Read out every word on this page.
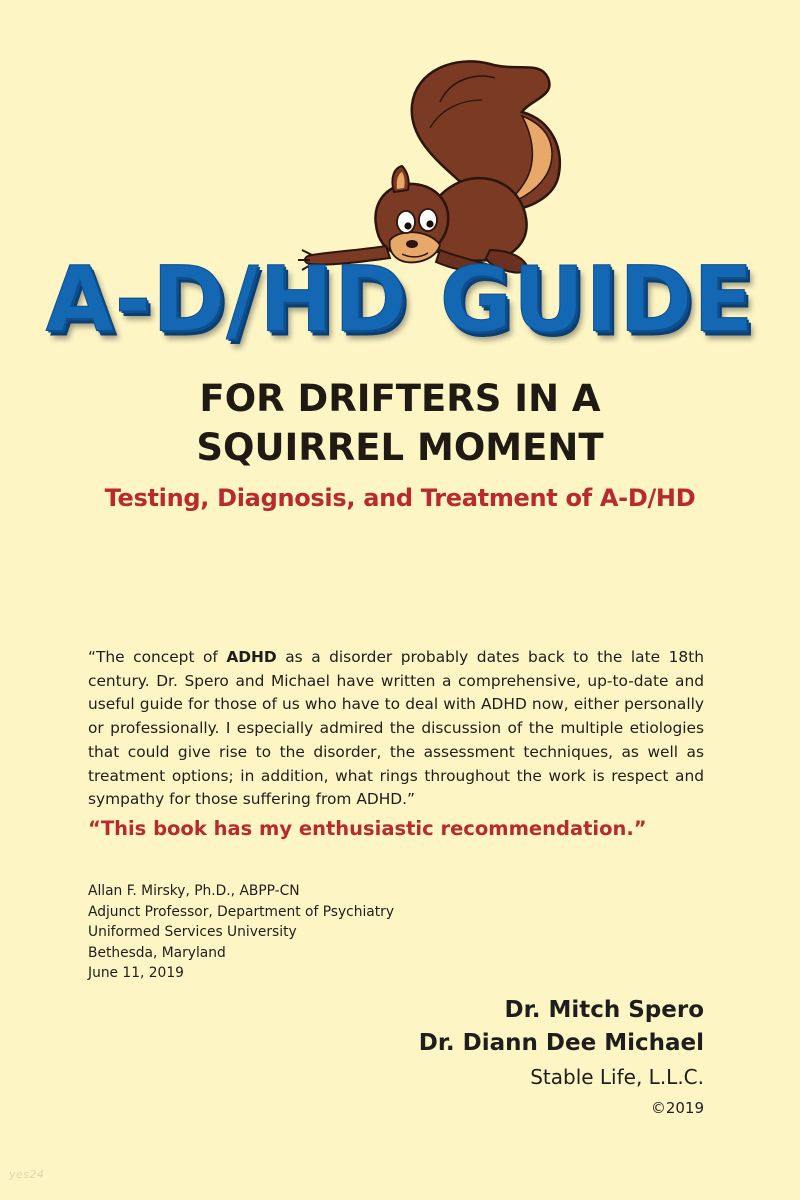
A-D/HD GUIDE
FOR DRIFTERS IN A
SQUIRREL MOMENT
Testing, Diagnosis, and Treatment of A-D/HD
“The concept of ADHD as a disorder probably dates back to the late 18th century. Dr. Spero and Michael have written a comprehensive, up-to-date and useful guide for those of us who have to deal with ADHD now, either personally or professionally. I especially admired the discussion of the multiple etiologies that could give rise to the disorder, the assessment techniques, as well as treatment options; in addition, what rings throughout the work is respect and sympathy for those suffering from ADHD.”
“This book has my enthusiastic recommendation.”
Allan F. Mirsky, Ph.D., ABPP-CN
Adjunct Professor, Department of Psychiatry
Uniformed Services University
Bethesda, Maryland
June 11, 2019
Dr. Mitch Spero
Dr. Diann Dee Michael
Stable Life, L.L.C.
©2019
yes24
